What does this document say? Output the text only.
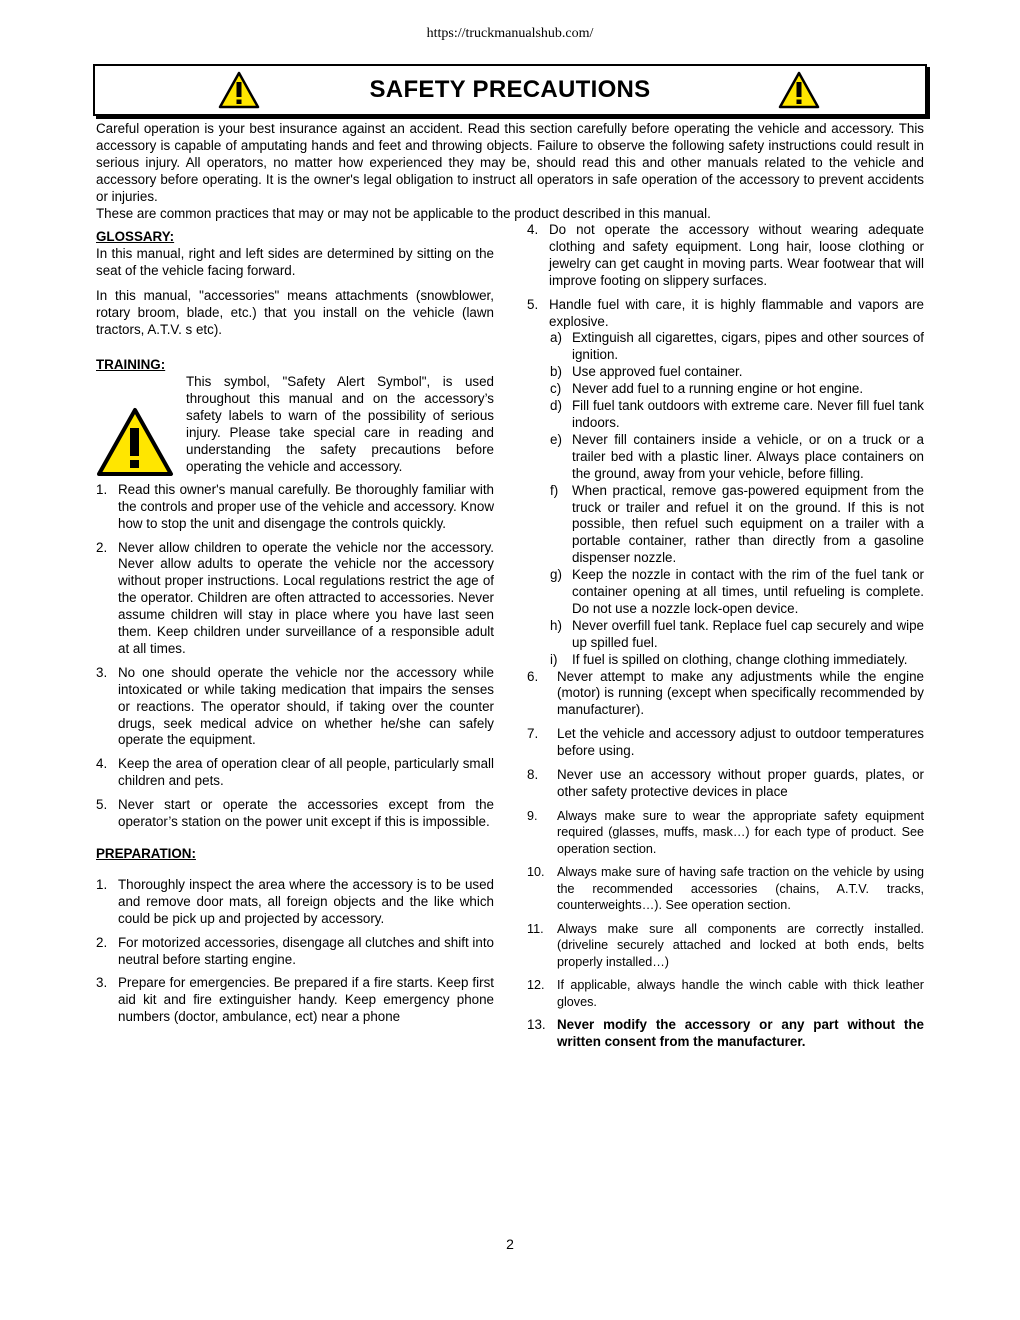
https://truckmanualshub.com/
SAFETY PRECAUTIONS

Careful operation is your best insurance against an accident. Read this section carefully before operating the vehicle and accessory. This accessory is capable of amputating hands and feet and throwing objects. Failure to observe the following safety instructions could result in serious injury. All operators, no matter how experienced they may be, should read this and other manuals related to the vehicle and accessory before operating. It is the owner's legal obligation to instruct all operators in safe operation of the accessory to prevent accidents or injuries.

These are common practices that may or may not be applicable to the product described in this manual.

GLOSSARY:

In this manual, right and left sides are determined by sitting on the seat of the vehicle facing forward.

In this manual, "accessories" means attachments (snowblower, rotary broom, blade, etc.) that you install on the vehicle (lawn tractors, A.T.V. s etc).

TRAINING:

This symbol, "Safety Alert Symbol", is used throughout this manual and on the accessory’s safety labels to warn of the possibility of serious injury. Please take special care in reading and understanding the safety precautions before operating the vehicle and accessory.
1. Read this owner's manual carefully. Be thoroughly familiar with the controls and proper use of the vehicle and accessory. Know how to stop the unit and disengage the controls quickly.
2. Never allow children to operate the vehicle nor the accessory. Never allow adults to operate the vehicle nor the accessory without proper instructions. Local regulations restrict the age of the operator. Children are often attracted to accessories. Never assume children will stay in place where you have last seen them. Keep children under surveillance of a responsible adult at all times.
3. No one should operate the vehicle nor the accessory while intoxicated or while taking medication that impairs the senses or reactions. The operator should, if taking over the counter drugs, seek medical advice on whether he/she can safely operate the equipment.
4. Keep the area of operation clear of all people, particularly small children and pets.
5. Never start or operate the accessories except from the operator’s station on the power unit except if this is impossible.

PREPARATION:

1. Thoroughly inspect the area where the accessory is to be used and remove door mats, all foreign objects and the like which could be pick up and projected by accessory.
2. For motorized accessories, disengage all clutches and shift into neutral before starting engine.
3. Prepare for emergencies. Be prepared if a fire starts. Keep first aid kit and fire extinguisher handy. Keep emergency phone numbers (doctor, ambulance, ect) near a phone
4. Do not operate the accessory without wearing adequate clothing and safety equipment. Long hair, loose clothing or jewelry can get caught in moving parts. Wear footwear that will improve footing on slippery surfaces.
5. Handle fuel with care, it is highly flammable and vapors are explosive.
a) Extinguish all cigarettes, cigars, pipes and other sources of ignition.
b) Use approved fuel container.
c) Never add fuel to a running engine or hot engine.
d) Fill fuel tank outdoors with extreme care. Never fill fuel tank indoors.
e) Never fill containers inside a vehicle, or on a truck or a trailer bed with a plastic liner. Always place containers on the ground, away from your vehicle, before filling.
f) When practical, remove gas-powered equipment from the truck or trailer and refuel it on the ground. If this is not possible, then refuel such equipment on a trailer with a portable container, rather than directly from a gasoline dispenser nozzle.
g) Keep the nozzle in contact with the rim of the fuel tank or container opening at all times, until refueling is complete. Do not use a nozzle lock-open device.
h) Never overfill fuel tank. Replace fuel cap securely and wipe up spilled fuel.
i) If fuel is spilled on clothing, change clothing immediately.
6. Never attempt to make any adjustments while the engine (motor) is running (except when specifically recommended by manufacturer).
7. Let the vehicle and accessory adjust to outdoor temperatures before using.
8. Never use an accessory without proper guards, plates, or other safety protective devices in place
9. Always make sure to wear the appropriate safety equipment required (glasses, muffs, mask…) for each type of product. See operation section.
10. Always make sure of having safe traction on the vehicle by using the recommended accessories (chains, A.T.V. tracks, counterweights…). See operation section.
11. Always make sure all components are correctly installed. (driveline securely attached and locked at both ends, belts properly installed…)
12. If applicable, always handle the winch cable with thick leather gloves.
13. Never modify the accessory or any part without the written consent from the manufacturer.
2
